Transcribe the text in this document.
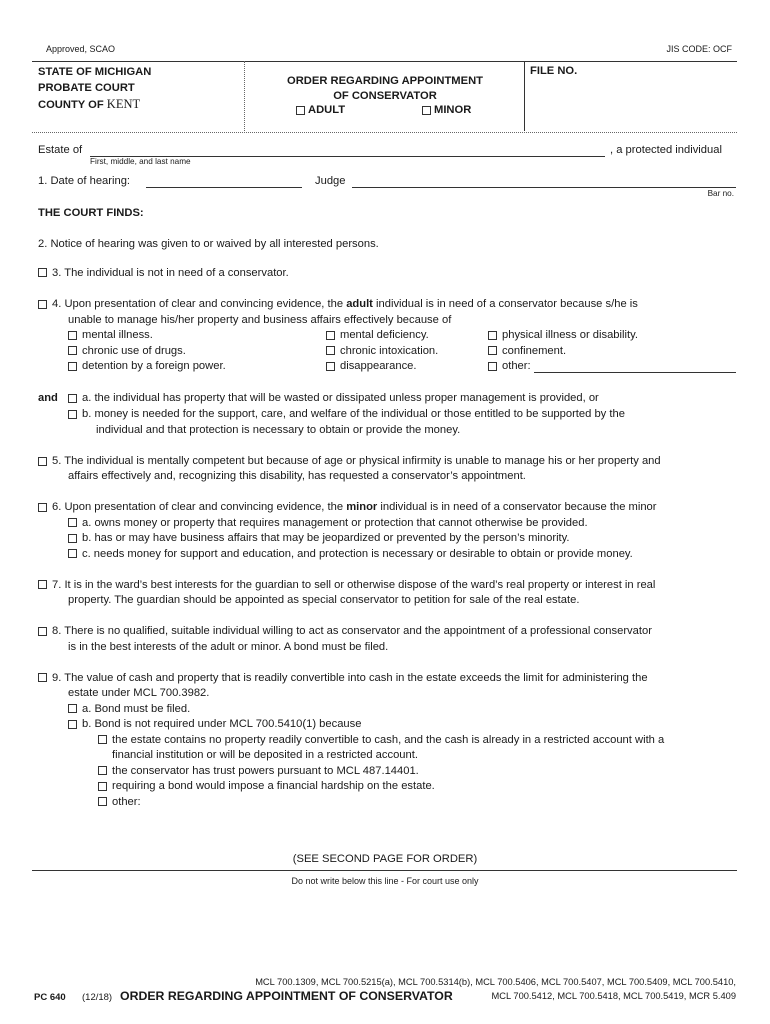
Approved, SCAO	JIS CODE: OCF
STATE OF MICHIGAN
PROBATE COURT
COUNTY OF KENT
ORDER REGARDING APPOINTMENT
OF CONSERVATOR
ADULT	MINOR
FILE NO.
Estate of	, a protected individual
First, middle, and last name
1. Date of hearing:	Judge
Bar no.
THE COURT FINDS:
2. Notice of hearing was given to or waived by all interested persons.
3. The individual is not in need of a conservator.
4. Upon presentation of clear and convincing evidence, the adult individual is in need of a conservator because s/he is
unable to manage his/her property and business affairs effectively because of
mental illness.	mental deficiency.	physical illness or disability.
chronic use of drugs.	chronic intoxication.	confinement.
detention by a foreign power.	disappearance.	other:
and a. the individual has property that will be wasted or dissipated unless proper management is provided, or
b. money is needed for the support, care, and welfare of the individual or those entitled to be supported by the
individual and that protection is necessary to obtain or provide the money.
5. The individual is mentally competent but because of age or physical infirmity is unable to manage his or her property and
affairs effectively and, recognizing this disability, has requested a conservator’s appointment.
6. Upon presentation of clear and convincing evidence, the minor individual is in need of a conservator because the minor
a. owns money or property that requires management or protection that cannot otherwise be provided.
b. has or may have business affairs that may be jeopardized or prevented by the person’s minority.
c. needs money for support and education, and protection is necessary or desirable to obtain or provide money.
7. It is in the ward’s best interests for the guardian to sell or otherwise dispose of the ward’s real property or interest in real
property. The guardian should be appointed as special conservator to petition for sale of the real estate.
8. There is no qualified, suitable individual willing to act as conservator and the appointment of a professional conservator
is in the best interests of the adult or minor. A bond must be filed.
9. The value of cash and property that is readily convertible into cash in the estate exceeds the limit for administering the
estate under MCL 700.3982.
a. Bond must be filed.
b. Bond is not required under MCL 700.5410(1) because
the estate contains no property readily convertible to cash, and the cash is already in a restricted account with a
financial institution or will be deposited in a restricted account.
the conservator has trust powers pursuant to MCL 487.14401.
requiring a bond would impose a financial hardship on the estate.
other:
(SEE SECOND PAGE FOR ORDER)
Do not write below this line - For court use only
MCL 700.1309, MCL 700.5215(a), MCL 700.5314(b), MCL 700.5406, MCL 700.5407, MCL 700.5409, MCL 700.5410,
MCL 700.5412, MCL 700.5418, MCL 700.5419, MCR 5.409
PC 640 (12/18) ORDER REGARDING APPOINTMENT OF CONSERVATOR
